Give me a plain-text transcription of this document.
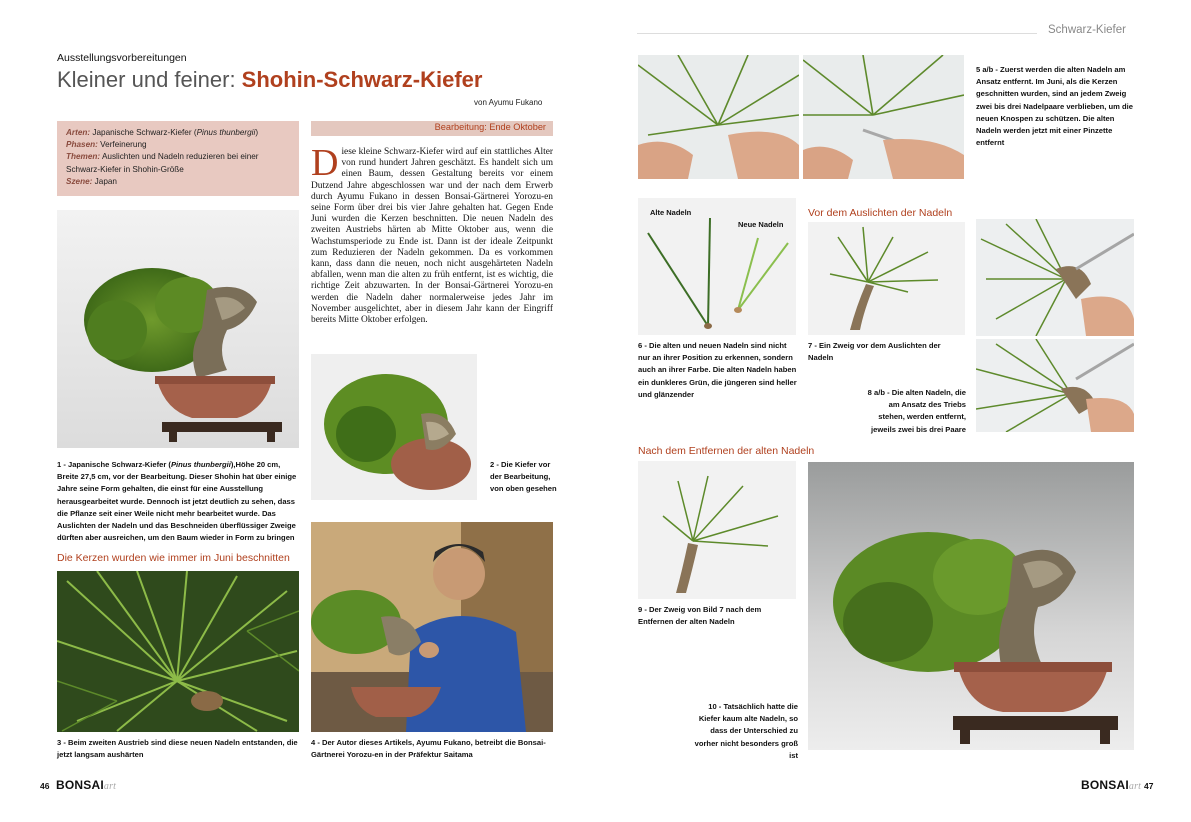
Ausstellungsvorbereitungen
Kleiner und feiner: Shohin-Schwarz-Kiefer
von Ayumu Fukano
Arten: Japanische Schwarz-Kiefer (Pinus thunbergii)
Phasen: Verfeinerung
Themen: Auslichten und Nadeln reduzieren bei einer Schwarz-Kiefer in Shohin-Größe
Szene: Japan
Bearbeitung: Ende Oktober
Diese kleine Schwarz-Kiefer wird auf ein stattliches Alter von rund hundert Jahren geschätzt. Es handelt sich um einen Baum, dessen Gestaltung bereits vor einem Dutzend Jahre abgeschlossen war und der nach dem Erwerb durch Ayumu Fukano in dessen Bonsai-Gärtnerei Yorozu-en seine Form über drei bis vier Jahre gehalten hat. Gegen Ende Juni wurden die Kerzen beschnitten. Die neuen Nadeln des zweiten Austriebs härten ab Mitte Oktober aus, wenn die Wachstumsperiode zu Ende ist. Dann ist der ideale Zeitpunkt zum Reduzieren der Nadeln gekommen. Da es vorkommen kann, dass dann die neuen, noch nicht ausgehärteten Nadeln abfallen, wenn man die alten zu früh entfernt, ist es wichtig, die richtige Zeit abzuwarten. In der Bonsai-Gärtnerei Yorozu-en werden die Nadeln daher normalerweise jedes Jahr im November ausgelichtet, aber in diesem Jahr kann der Eingriff bereits Mitte Oktober erfolgen.
1 - Japanische Schwarz-Kiefer (Pinus thunbergii),Höhe 20 cm, Breite 27,5 cm, vor der Bearbeitung. Dieser Shohin hat über einige Jahre seine Form gehalten, die einst für eine Ausstellung herausgearbeitet wurde. Dennoch ist jetzt deutlich zu sehen, dass die Pflanze seit einer Weile nicht mehr bearbeitet wurde. Das Auslichten der Nadeln und das Beschneiden überflüssiger Zweige dürften aber ausreichen, um den Baum wieder in Form zu bringen
2 - Die Kiefer vor der Bearbeitung, von oben gesehen
Die Kerzen wurden wie immer im Juni beschnitten
3 - Beim zweiten Austrieb sind diese neuen Nadeln entstanden, die jetzt langsam aushärten
4 - Der Autor dieses Artikels, Ayumu Fukano, betreibt die Bonsai-Gärtnerei Yorozu-en in der Präfektur Saitama
46 BONSAIart
Schwarz-Kiefer
5 a/b - Zuerst werden die alten Nadeln am Ansatz entfernt. Im Juni, als die Kerzen geschnitten wurden, sind an jedem Zweig zwei bis drei Nadelpaare verblieben, um die neuen Knospen zu schützen. Die alten Nadeln werden jetzt mit einer Pinzette entfernt
Alte Nadeln
Neue Nadeln
6 - Die alten und neuen Nadeln sind nicht nur an ihrer Position zu erkennen, sondern auch an ihrer Farbe. Die alten Nadeln haben ein dunkleres Grün, die jüngeren sind heller und glänzender
Vor dem Auslichten der Nadeln
7 - Ein Zweig vor dem Auslichten der Nadeln
8 a/b - Die alten Nadeln, die am Ansatz des Triebs stehen, werden entfernt, jeweils zwei bis drei Paare
Nach dem Entfernen der alten Nadeln
9 - Der Zweig von Bild 7 nach dem Entfernen der alten Nadeln
10 - Tatsächlich hatte die Kiefer kaum alte Nadeln, so dass der Unterschied zu vorher nicht besonders groß ist
BONSAIart 47
